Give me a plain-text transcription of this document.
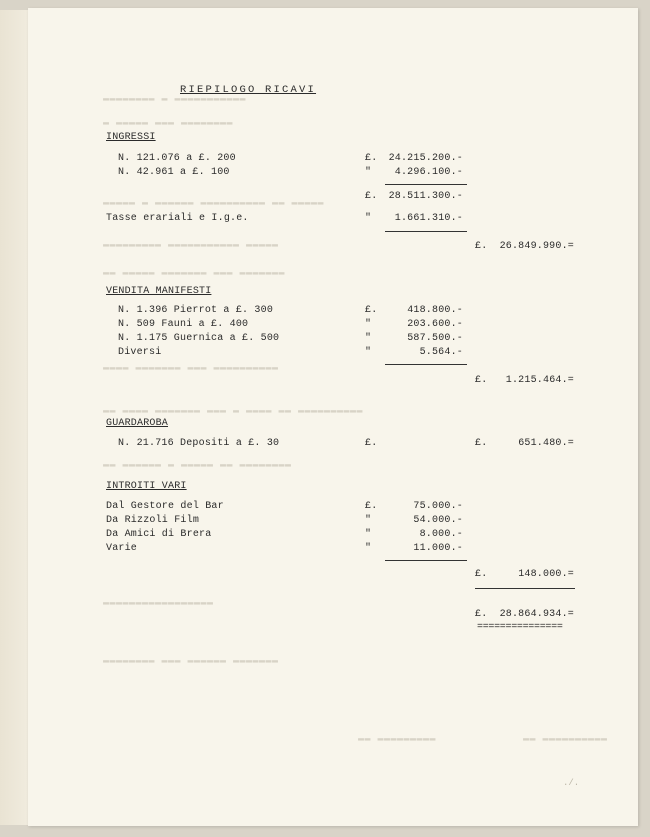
▬▬▬▬▬▬▬▬ ▬ ▬▬▬▬▬▬▬▬▬▬▬
▬ ▬▬▬▬▬ ▬▬▬ ▬▬▬▬▬▬▬▬
▬▬▬▬▬ ▬ ▬▬▬▬▬▬ ▬▬▬▬▬▬▬▬▬▬ ▬▬ ▬▬▬▬▬
▬▬▬▬▬▬▬▬▬ ▬▬▬▬▬▬▬▬▬▬▬ ▬▬▬▬▬
▬▬ ▬▬▬▬▬ ▬▬▬▬▬▬▬ ▬▬▬ ▬▬▬▬▬▬▬
▬▬▬▬ ▬▬▬▬▬▬▬ ▬▬▬ ▬▬▬▬▬▬▬▬▬▬
▬▬ ▬▬▬▬ ▬▬▬▬▬▬▬ ▬▬▬ ▬ ▬▬▬▬ ▬▬ ▬▬▬▬▬▬▬▬▬▬
▬▬ ▬▬▬▬▬▬ ▬ ▬▬▬▬▬ ▬▬ ▬▬▬▬▬▬▬▬
▬▬▬▬▬▬▬▬▬▬▬▬▬▬▬▬▬
▬▬▬▬▬▬▬▬ ▬▬▬ ▬▬▬▬▬▬ ▬▬▬▬▬▬▬
▬▬ ▬▬▬▬▬▬▬▬▬	▬▬ ▬▬▬▬▬▬▬▬▬▬
./.
RIEPILOGO RICAVI
INGRESSI
N. 121.076 a £. 200	£.	24.215.200.-
N. 42.961 a £. 100	"	4.296.100.-
£.	28.511.300.-
Tasse erariali e I.g.e.	"	1.661.310.-
£.	26.849.990.=
VENDITA MANIFESTI
N. 1.396 Pierrot a £. 300	£.	418.800.-
N. 509 Fauni a £. 400	"	203.600.-
N. 1.175 Guernica a £. 500	"	587.500.-
Diversi	"	5.564.-
£.	1.215.464.=
GUARDAROBA
N. 21.716 Depositi a £. 30	£.	£.	651.480.=
INTROITI VARI
Dal Gestore del Bar	£.	75.000.-
Da Rizzoli Film	"	54.000.-
Da Amici di Brera	"	8.000.-
Varie	"	11.000.-
£.	148.000.=
£.	28.864.934.=
===============
